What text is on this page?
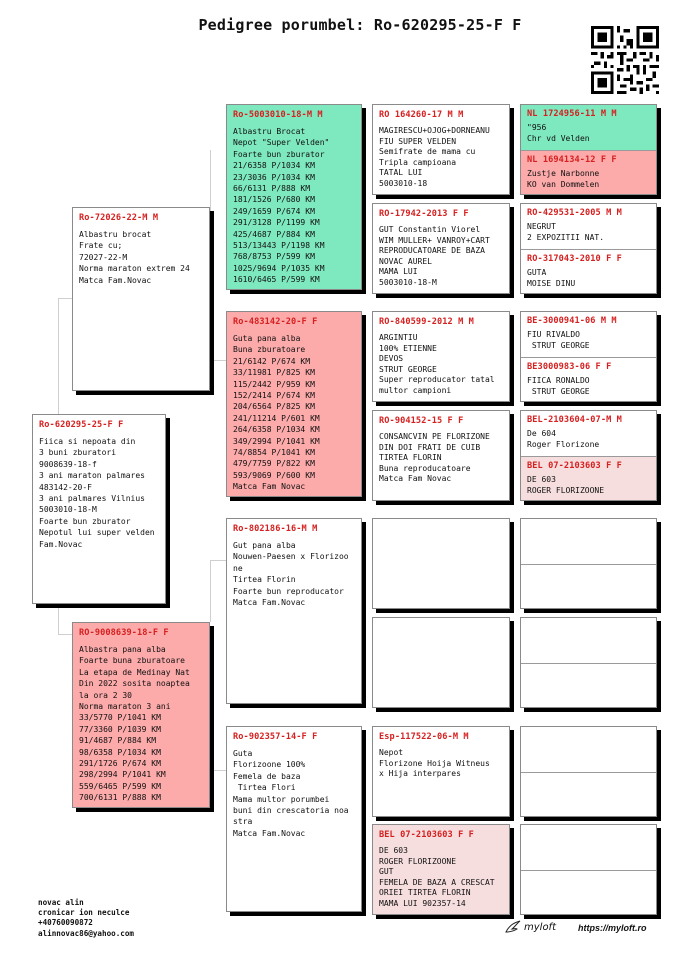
Pedigree porumbel: Ro-620295-25-F F
Ro-620295-25-F F
Fiica si nepoata din
3 buni zburatori
9008639-18-f
3 ani maraton palmares
483142-20-F
3 ani palmares Vilnius
5003010-18-M
Foarte bun zburator
Nepotul lui super velden
Fam.Novac
Ro-72026-22-M M
Albastru brocat
Frate cu;
72027-22-M
Norma maraton extrem 24
Matca Fam.Novac
RO-9008639-18-F F
Albastra pana alba
Foarte buna zburatoare
La etapa de Medinay Nat
Din 2022 sosita noaptea
la ora 2 30
Norma maraton 3 ani
33/5770 P/1041 KM
77/3360 P/1039 KM
91/4687 P/884 KM
98/6358 P/1034 KM
291/1726 P/674 KM
298/2994 P/1041 KM
559/6465 P/599 KM
700/6131 P/888 KM
Ro-5003010-18-M M
Albastru Brocat
Nepot "Super Velden"
Foarte bun zburator
21/6358 P/1034 KM
23/3036 P/1034 KM
66/6131 P/888 KM
181/1526 P/680 KM
249/1659 P/674 KM
291/3128 P/1199 KM
425/4687 P/884 KM
513/13443 P/1198 KM
768/8753 P/599 KM
1025/9694 P/1035 KM
1610/6465 P/599 KM
Ro-483142-20-F F
Guta pana alba
Buna zburatoare
21/6142 P/674 KM
33/11981 P/825 KM
115/2442 P/959 KM
152/2414 P/674 KM
204/6564 P/825 KM
241/11214 P/601 KM
264/6358 P/1034 KM
349/2994 P/1041 KM
74/8854 P/1041 KM
479/7759 P/822 KM
593/9069 P/600 KM
Matca Fam Novac
Ro-802186-16-M M
Gut pana alba
Nouwen-Paesen x Florizoo
ne
Tirtea Florin
Foarte bun reproducator
Matca Fam.Novac
Ro-902357-14-F F
Guta
Florizoone 100%
Femela de baza
Tirtea Flori
Mama multor porumbei
buni din crescatoria noa
stra
Matca Fam.Novac
RO 164260-17 M M
MAGIRESCU+OJOG+DORNEANU
FIU SUPER VELDEN
Semifrate de mama cu
Tripla campioana
TATAL LUI
5003010-18
RO-17942-2013 F F
GUT Constantin Viorel
WIM MULLER+ VANROY+CART
REPRODUCATOARE DE BAZA
NOVAC AUREL
MAMA LUI
5003010-18-M
RO-840599-2012 M M
ARGINTIU
100% ETIENNE
DEVOS
STRUT GEORGE
Super reproducator tatal
multor campioni
RO-904152-15 F F
CONSANCVIN PE FLORIZONE
DIN DOI FRATI DE CUIB
TIRTEA FLORIN
Buna reproducatoare
Matca Fam Novac
Esp-117522-06-M M
Nepot
Florizone Hoija Witneus
x Hija interpares
BEL 07-2103603 F F
DE 603
ROGER FLORIZOONE
GUT
FEMELA DE BAZA A CRESCAT
ORIEI TIRTEA FLORIN
MAMA LUI 902357-14
NL 1724956-11 M M
"956
Chr vd Velden
NL 1694134-12 F F
Zustje Narbonne
KO van Dommelen
RO-429531-2005 M M
NEGRUT
2 EXPOZITII NAT.
RO-317043-2010 F F
GUTA
MOISE DINU
BE-3000941-06 M M
FIU RIVALDO
STRUT GEORGE
BE3000983-06 F F
FIICA RONALDO
STRUT GEORGE
BEL-2103604-07-M M
De 604
Roger Florizone
BEL 07-2103603 F F
DE 603
ROGER FLORIZOONE
novac alin
cronicar ion neculce
+40760090872
alinnovac86@yahoo.com
myloft https://myloft.ro
